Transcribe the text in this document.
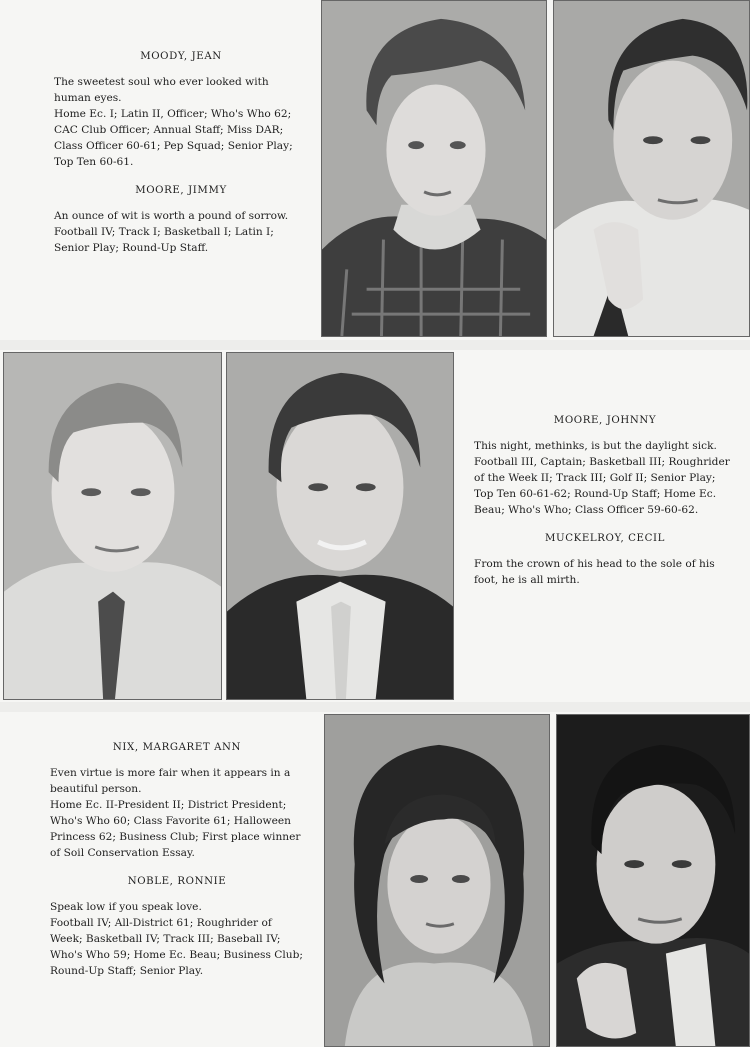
MOODY, JEAN
The sweetest soul who ever looked with human eyes.
Home Ec. I; Latin II, Officer; Who's Who 62; CAC Club Officer; Annual Staff; Miss DAR; Class Officer 60-61; Pep Squad; Senior Play; Top Ten 60-61.
MOORE, JIMMY
An ounce of wit is worth a pound of sorrow.
Football IV; Track I; Basketball I; Latin I; Senior Play; Round-Up Staff.
MOORE, JOHNNY
This night, methinks, is but the daylight sick.
Football III, Captain; Basketball III; Roughrider of the Week II; Track III; Golf II; Senior Play; Top Ten 60-61-62; Round-Up Staff; Home Ec. Beau; Who's Who; Class Officer 59-60-62.
MUCKELROY, CECIL
From the crown of his head to the sole of his foot, he is all mirth.
NIX, MARGARET ANN
Even virtue is more fair when it appears in a beautiful person.
Home Ec. II-President II; District President; Who's Who 60; Class Favorite 61; Halloween Princess 62; Business Club; First place winner of Soil Conservation Essay.
NOBLE, RONNIE
Speak low if you speak love.
Football IV; All-District 61; Roughrider of Week; Basketball IV; Track III; Baseball IV; Who's Who 59; Home Ec. Beau; Business Club; Round-Up Staff; Senior Play.
